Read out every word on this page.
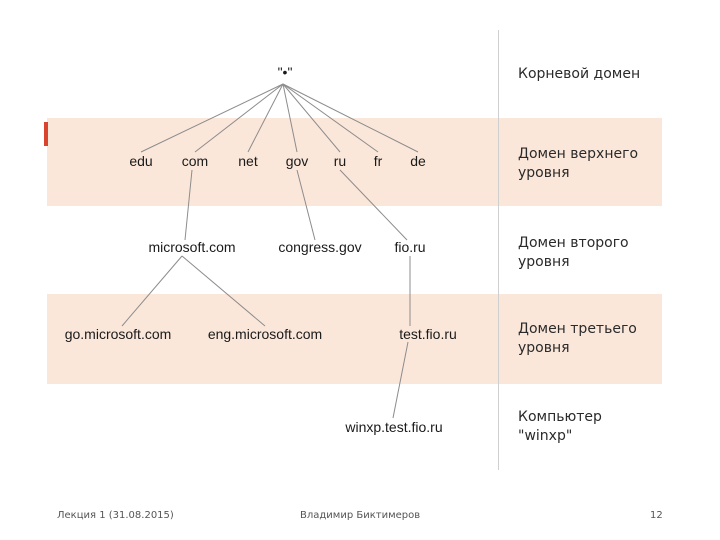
"•"
edu com net gov ru fr de
microsoft.com	congress.gov fio.ru
go.microsoft.com	eng.microsoft.com	test.fio.ru
winxp.test.fio.ru
Корневой домен
Домен верхнего уровня
Домен второго уровня
Домен третьего уровня
Компьютер "winxp"
Лекция 1 (31.08.2015)	Владимир Биктимеров	12
